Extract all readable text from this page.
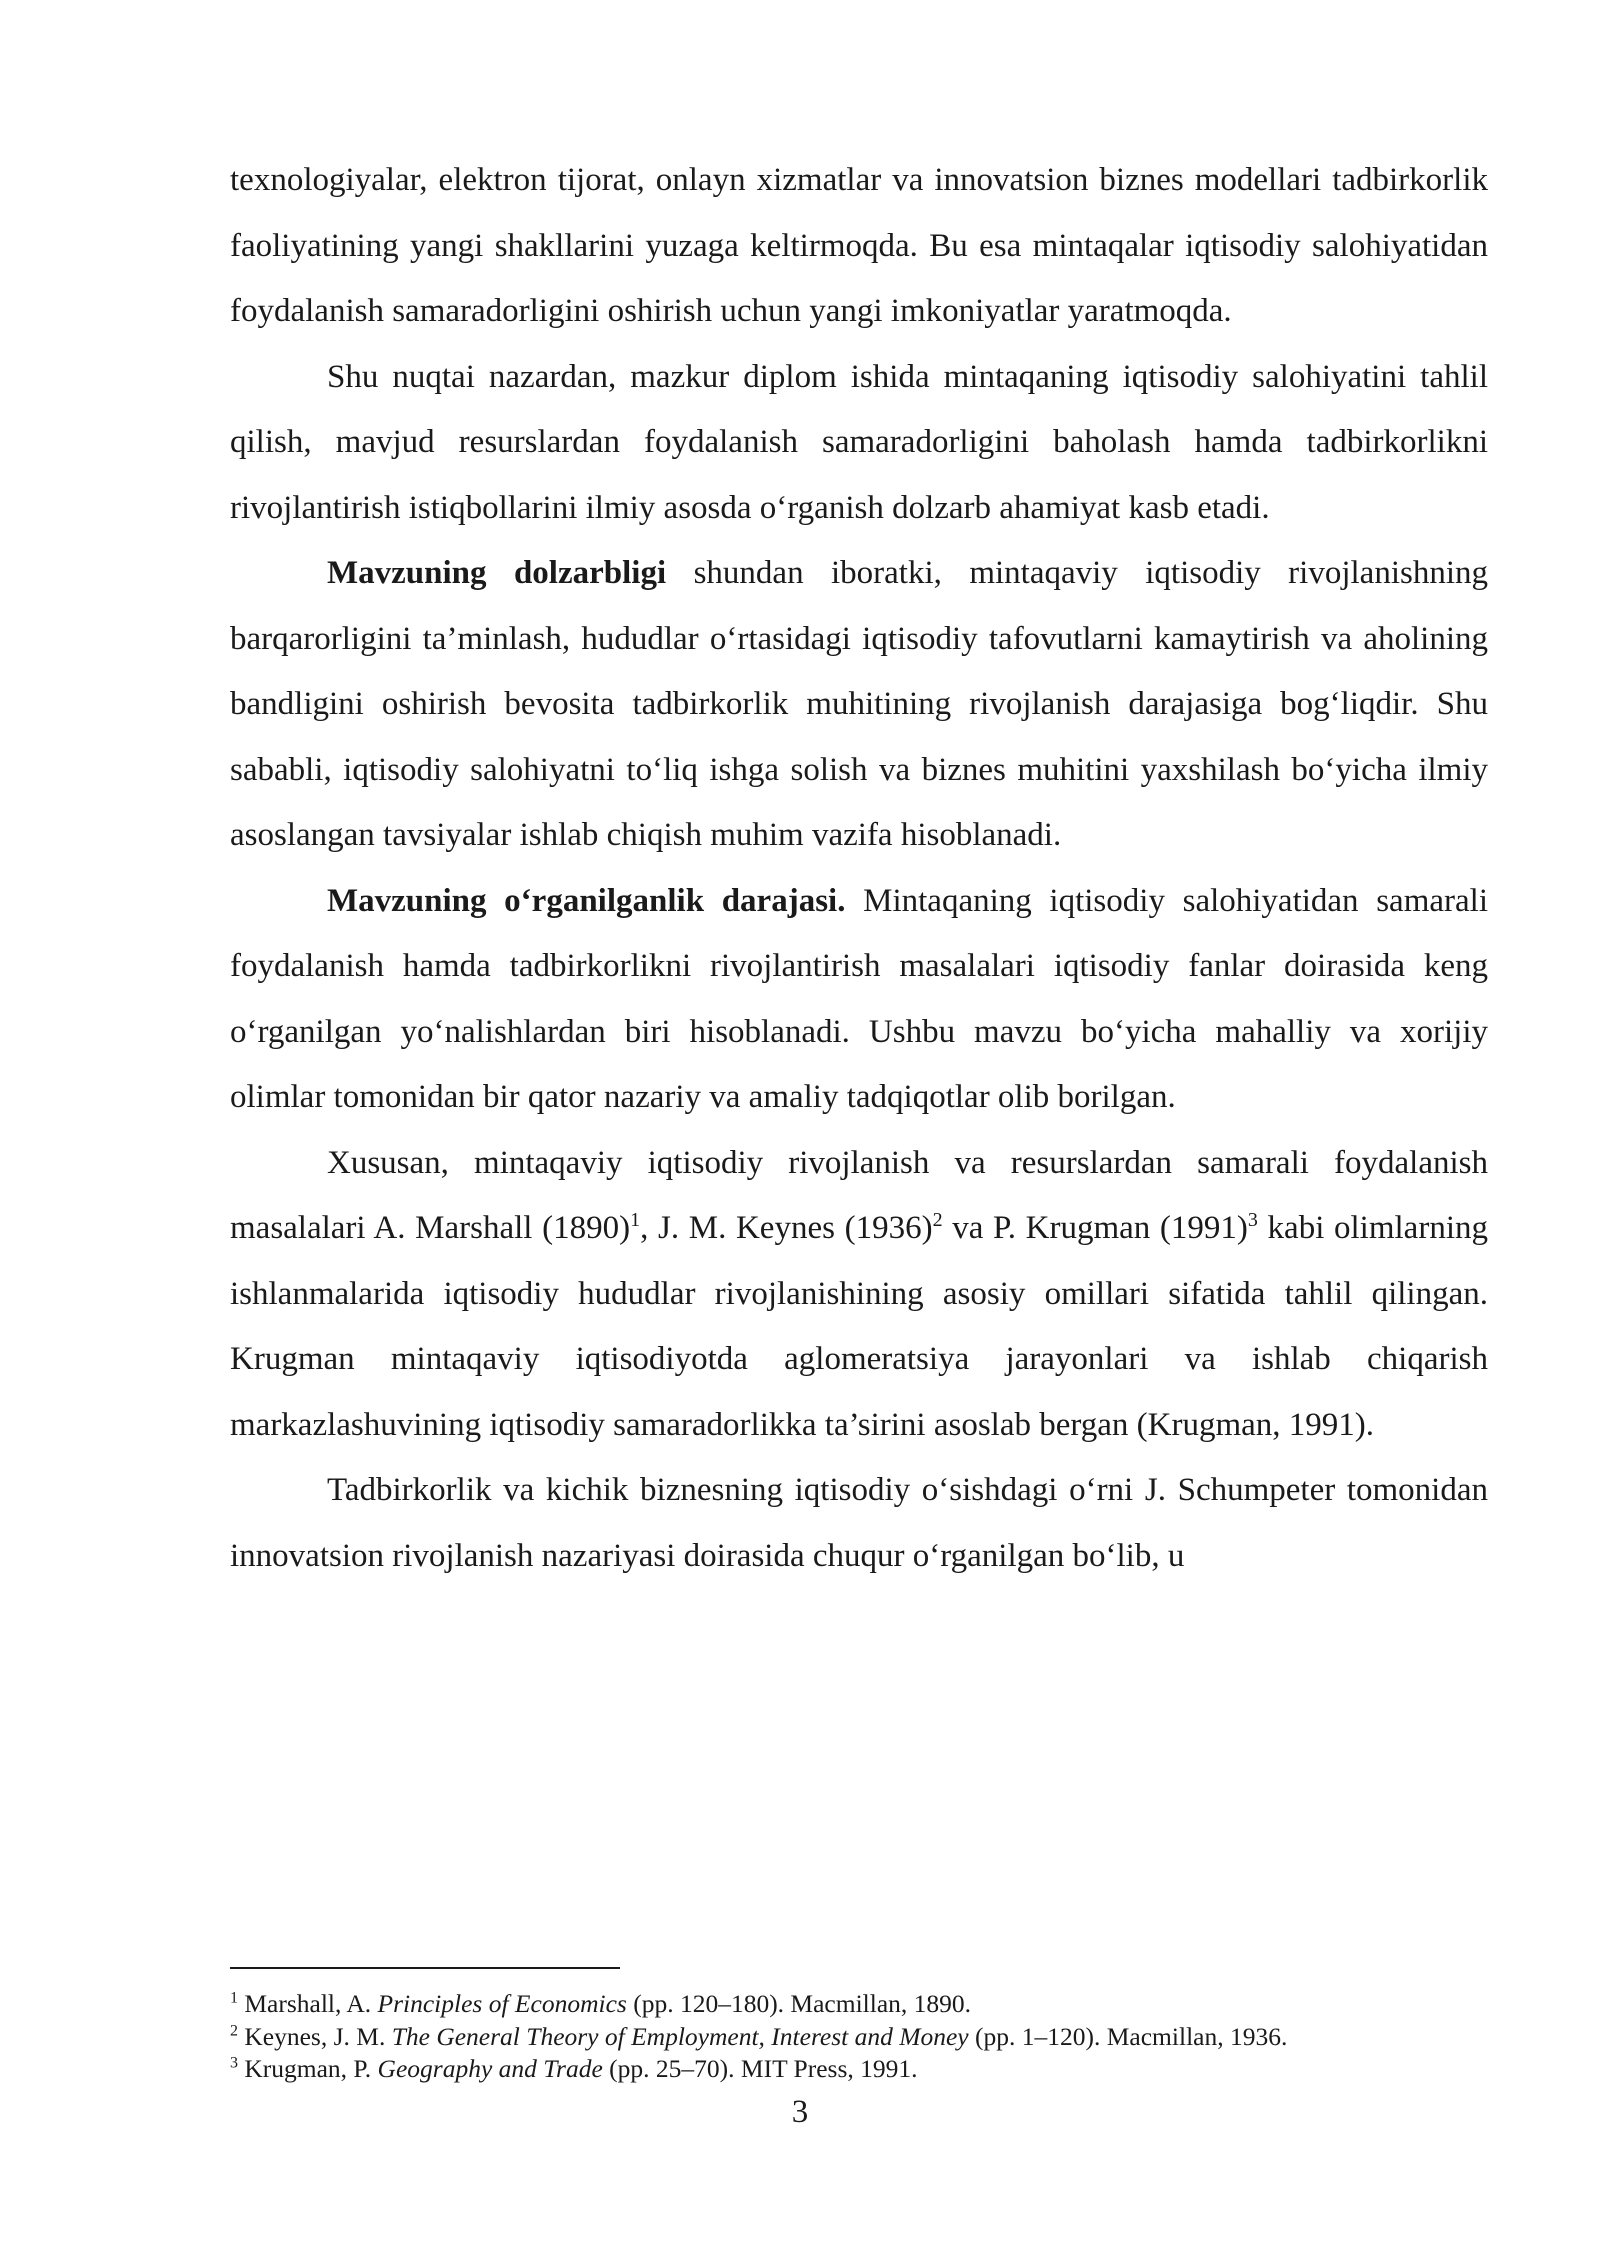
texnologiyalar, elektron tijorat, onlayn xizmatlar va innovatsion biznes modellari tadbirkorlik faoliyatining yangi shakllarini yuzaga keltirmoqda. Bu esa mintaqalar iqtisodiy salohiyatidan foydalanish samaradorligini oshirish uchun yangi imkoniyatlar yaratmoqda.

Shu nuqtai nazardan, mazkur diplom ishida mintaqaning iqtisodiy salohiyatini tahlil qilish, mavjud resurslardan foydalanish samaradorligini baholash hamda tadbirkorlikni rivojlantirish istiqbollarini ilmiy asosda o‘rganish dolzarb ahamiyat kasb etadi.

Mavzuning dolzarbligi shundan iboratki, mintaqaviy iqtisodiy rivojlanishning barqarorligini ta’minlash, hududlar o‘rtasidagi iqtisodiy tafovutlarni kamaytirish va aholining bandligini oshirish bevosita tadbirkorlik muhitining rivojlanish darajasiga bog‘liqdir. Shu sababli, iqtisodiy salohiyatni to‘liq ishga solish va biznes muhitini yaxshilash bo‘yicha ilmiy asoslangan tavsiyalar ishlab chiqish muhim vazifa hisoblanadi.

Mavzuning o‘rganilganlik darajasi. Mintaqaning iqtisodiy salohiyatidan samarali foydalanish hamda tadbirkorlikni rivojlantirish masalalari iqtisodiy fanlar doirasida keng o‘rganilgan yo‘nalishlardan biri hisoblanadi. Ushbu mavzu bo‘yicha mahalliy va xorijiy olimlar tomonidan bir qator nazariy va amaliy tadqiqotlar olib borilgan.

Xususan, mintaqaviy iqtisodiy rivojlanish va resurslardan samarali foydalanish masalalari A. Marshall $(1890)^1$, J. M. Keynes $(1936)^2$ va P. Krugman $(1991)^3$ kabi olimlarning ishlanmalarida iqtisodiy hududlar rivojlanishining asosiy omillari sifatida tahlil qilingan. Krugman mintaqaviy iqtisodiyotda aglomeratsiya jarayonlari va ishlab chiqarish markazlashuvining iqtisodiy samaradorlikka ta’sirini asoslab bergan (Krugman, 1991).

Tadbirkorlik va kichik biznesning iqtisodiy o‘sishdagi o‘rni J. Schumpeter tomonidan innovatsion rivojlanish nazariyasi doirasida chuqur o‘rganilgan bo‘lib, u

$^1$ Marshall, A. Principles of Economics (pp. 120–180). Macmillan, 1890.

$^2$ Keynes, J. M. The General Theory of Employment, Interest and Money (pp. 1–120). Macmillan, 1936.

$^3$ Krugman, P. Geography and Trade (pp. 25–70). MIT Press, 1991.

3
